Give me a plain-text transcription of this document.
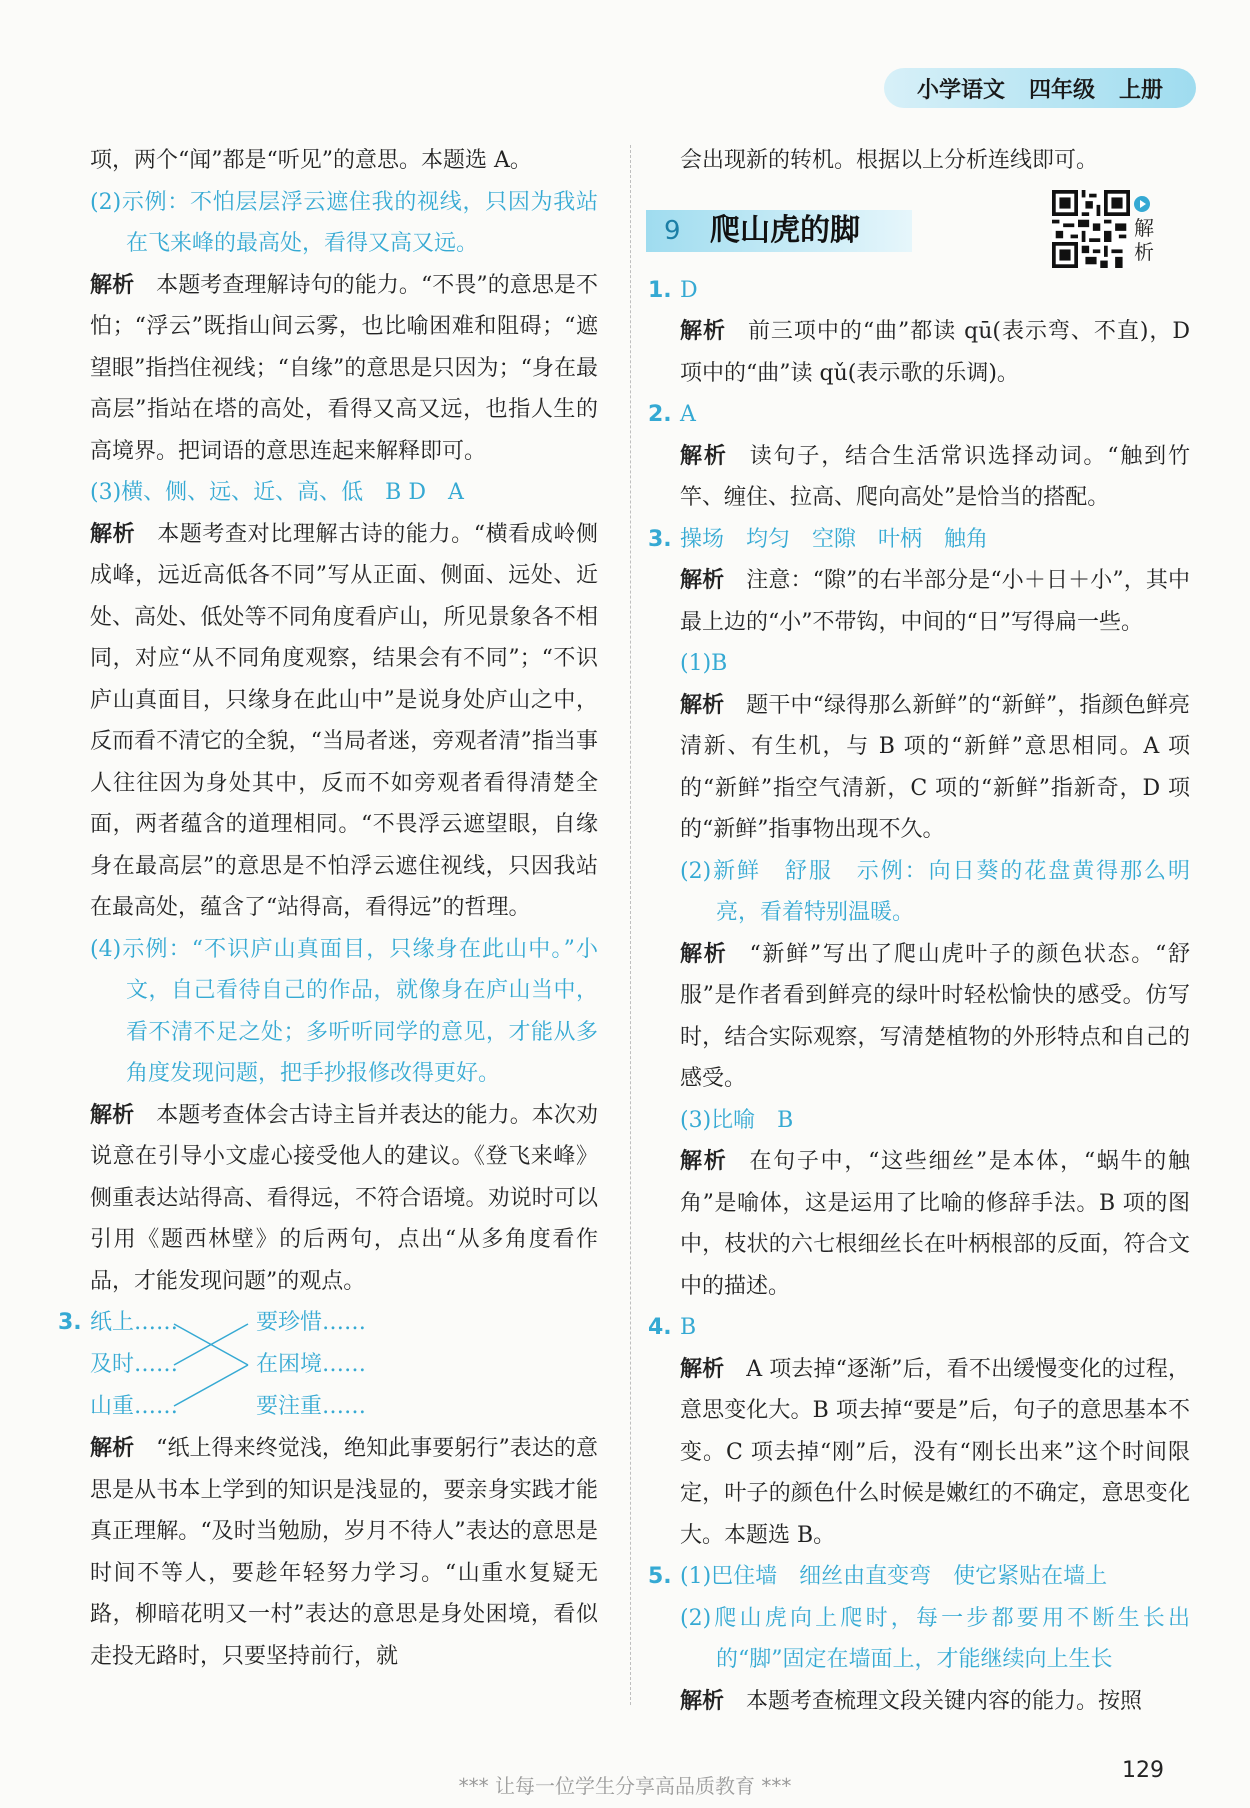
小学语文 四年级 上册

项，两个“闻”都是“听见”的意思。本题选 A。

(2)示例：不怕层层浮云遮住我的视线，只因为我站在飞来峰的最高处，看得又高又远。

解析 本题考查理解诗句的能力。“不畏”的意思是不怕；“浮云”既指山间云雾，也比喻困难和阻碍；“遮望眼”指挡住视线；“自缘”的意思是只因为；“身在最高层”指站在塔的高处，看得又高又远，也指人生的高境界。把词语的意思连起来解释即可。

(3)横、侧、远、近、高、低　B D　A

解析 本题考查对比理解古诗的能力。“横看成岭侧成峰，远近高低各不同”写从正面、侧面、远处、近处、高处、低处等不同角度看庐山，所见景象各不相同，对应“从不同角度观察，结果会有不同”；“不识庐山真面目，只缘身在此山中”是说身处庐山之中，反而看不清它的全貌，“当局者迷，旁观者清”指当事人往往因为身处其中，反而不如旁观者看得清楚全面，两者蕴含的道理相同。“不畏浮云遮望眼，自缘身在最高层”的意思是不怕浮云遮住视线，只因我站在最高处，蕴含了“站得高，看得远”的哲理。

(4)示例：“不识庐山真面目，只缘身在此山中。”小文，自己看待自己的作品，就像身在庐山当中，看不清不足之处；多听听同学的意见，才能从多角度发现问题，把手抄报修改得更好。

解析 本题考查体会古诗主旨并表达的能力。本次劝说意在引导小文虚心接受他人的建议。《登飞来峰》侧重表达站得高、看得远，不符合语境。劝说时可以引用《题西林壁》的后两句，点出“从多角度看作品，才能发现问题”的观点。

3. 纸上……
及时……
山重……
要珍惜……
在困境……
要注重……

解析 “纸上得来终觉浅，绝知此事要躬行”表达的意思是从书本上学到的知识是浅显的，要亲身实践才能真正理解。“及时当勉励，岁月不待人”表达的意思是时间不等人，要趁年轻努力学习。“山重水复疑无路，柳暗花明又一村”表达的意思是身处困境，看似走投无路时，只要坚持前行，就

会出现新的转机。根据以上分析连线即可。

9 爬山虎的脚	解析

1. D

解析 前三项中的“曲”都读 qū(表示弯、不直)，D 项中的“曲”读 qǔ(表示歌的乐调)。

2. A

解析 读句子，结合生活常识选择动词。“触到竹竿、缠住、拉高、爬向高处”是恰当的搭配。

3. 操场　均匀　空隙　叶柄　触角

解析 注意：“隙”的右半部分是“小＋日＋小”，其中最上边的“小”不带钩，中间的“日”写得扁一些。

(1)B

解析 题干中“绿得那么新鲜”的“新鲜”，指颜色鲜亮清新、有生机，与 B 项的“新鲜”意思相同。A 项的“新鲜”指空气清新，C 项的“新鲜”指新奇，D 项的“新鲜”指事物出现不久。

(2)新鲜　舒服　示例：向日葵的花盘黄得那么明亮，看着特别温暖。

解析 “新鲜”写出了爬山虎叶子的颜色状态。“舒服”是作者看到鲜亮的绿叶时轻松愉快的感受。仿写时，结合实际观察，写清楚植物的外形特点和自己的感受。

(3)比喻　B

解析 在句子中，“这些细丝”是本体，“蜗牛的触角”是喻体，这是运用了比喻的修辞手法。B 项的图中，枝状的六七根细丝长在叶柄根部的反面，符合文中的描述。

4. B

解析 A 项去掉“逐渐”后，看不出缓慢变化的过程，意思变化大。B 项去掉“要是”后，句子的意思基本不变。C 项去掉“刚”后，没有“刚长出来”这个时间限定，叶子的颜色什么时候是嫩红的不确定，意思变化大。本题选 B。

5. (1)巴住墙　细丝由直变弯　使它紧贴在墙上

(2)爬山虎向上爬时，每一步都要用不断生长出的“脚”固定在墙面上，才能继续向上生长

解析 本题考查梳理文段关键内容的能力。按照

*** 让每一位学生分享高品质教育 ***
129
